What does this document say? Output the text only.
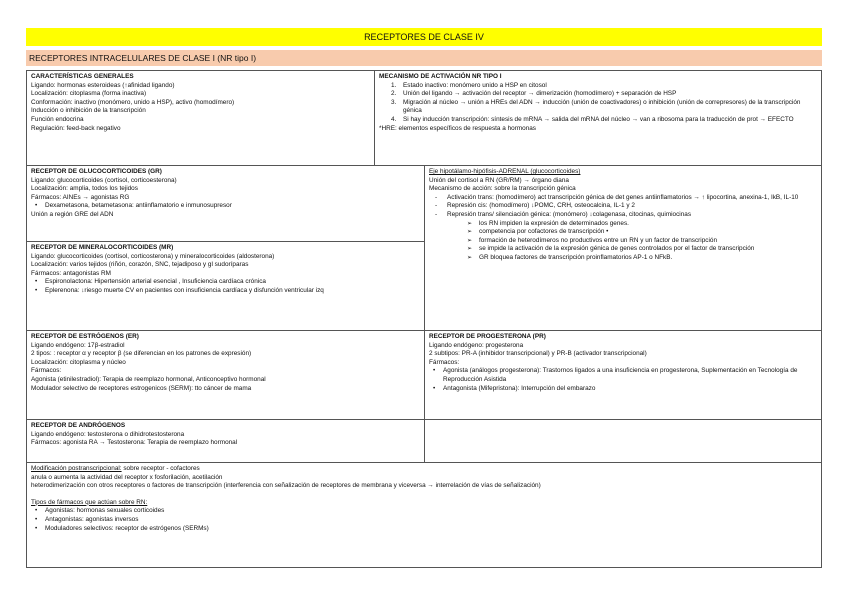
RECEPTORES DE CLASE IV
RECEPTORES INTRACELULARES DE CLASE I (NR tipo I)

CARACTERÍSTICAS GENERALES

Ligando: hormonas esteroideas (↑afinidad ligando)

Localización: citoplasma (forma inactiva)

Conformación: inactivo (monómero, unido a HSP), activo (homodímero)

Inducción o inhibición de la transcripción

Función endocrina

Regulación: feed-back negativo

MECANISMO DE ACTIVACIÓN NR TIPO I

1. Estado inactivo: monómero unido a HSP en citosol
2. Unión del ligando → activación del receptor → dimerización (homodímero) + separación de HSP
3. Migración al núcleo → unión a HREs del ADN → inducción (unión de coactivadores) o inhibición (unión de correpresores) de la transcripción génica
4. Si hay inducción transcripción: síntesis de mRNA → salida del mRNA del núcleo → van a ribosoma para la traducción de prot → EFECTO

*HRE: elementos específicos de respuesta a hormonas

RECEPTOR DE GLUCOCORTICOIDES (GR)

Ligando: glucocorticoides (cortisol, corticoesterona)

Localización: amplia, todos los tejidos

Fármacos: AINEs → agonistas RG

• Dexametasona, betametasona: antiinflamatorio e inmunosupresor

Unión a región GRE del ADN

RECEPTOR DE MINERALOCORTICOIDES (MR)

Ligando: glucocorticoides (cortisol, corticosterona) y mineralocorticoides (aldosterona)

Localización: varios tejidos (riñón, corazón, SNC, tejadiposo y gl sudoríparas

Fármacos: antagonistas RM

• Espironolactona: Hipertensión arterial esencial , Insuficiencia cardíaca crónica
• Eplerenona: ↓riesgo muerte CV en pacientes con insuficiencia cardíaca y disfunción ventricular izq

Eje hipotálamo-hipófisis-ADRENAL (glucocorticoides)

Unión del cortisol a RN (GR/RM) → órgano diana

Mecanismo de acción: sobre la transcripción génica

- Activación trans: (homodímero) act transcripción génica de det genes antiinflamatorios → ↑ lipocortina, anexina-1, IkB, IL-10
- Represión cis: (homodímero) ↓POMC, CRH, osteocalcina, IL-1 y 2
- Represión trans/ silenciación génica: (monómero) ↓colagenasa, citocinas, quimiocinas
➢ los RN impiden la expresión de determinados genes.
➢ competencia por cofactores de transcripción •
➢ formación de heterodímeros no productivos entre un RN y un factor de transcripción
➢ se impide la activación de la expresión génica de genes controlados por el factor de transcripción
➢ GR bloquea factores de transcripción proinflamatorios AP-1 o NFkB.

RECEPTOR DE ESTRÓGENOS (ER)

Ligando endógeno: 17β-estradiol

2 tipos: : receptor α y receptor β (se diferencian en los patrones de expresión)

Localización: citoplasma y núcleo

Fármacos:

Agonista (etinilestradiol): Terapia de reemplazo hormonal, Anticonceptivo hormonal

Modulador selectivo de receptores estrogenicos (SERM): tto cáncer de mama

RECEPTOR DE PROGESTERONA (PR)

Ligando endógeno: progesterona

2 subtipos: PR-A (inhibidor transcripcional) y PR-B (activador transcripcional)

Fármacos:

• Agonista (análogos progesterona): Trastornos ligados a una insuficiencia en progesterona, Suplementación en Tecnología de Reproducción Asistida
• Antagonista (Mifepristona): Interrupción del embarazo

RECEPTOR DE ANDRÓGENOS

Ligando endógeno: testosterona o dihidrotestosterona

Fármacos: agonista RA → Testosterona: Terapia de reemplazo hormonal

Modificación postranscripcional: sobre receptor - cofactores

anula o aumenta la actividad del receptor x fosforilación, acetilación

heterodimerización con otros receptores o factores de transcripción (interferencia con señalización de receptores de membrana y viceversa → interrelación de vías de señalización)

Tipos de fármacos que actúan sobre RN:

• Agonistas: hormonas sexuales corticoides
• Antagonistas: agonistas inversos
• Moduladores selectivos: receptor de estrógenos (SERMs)
